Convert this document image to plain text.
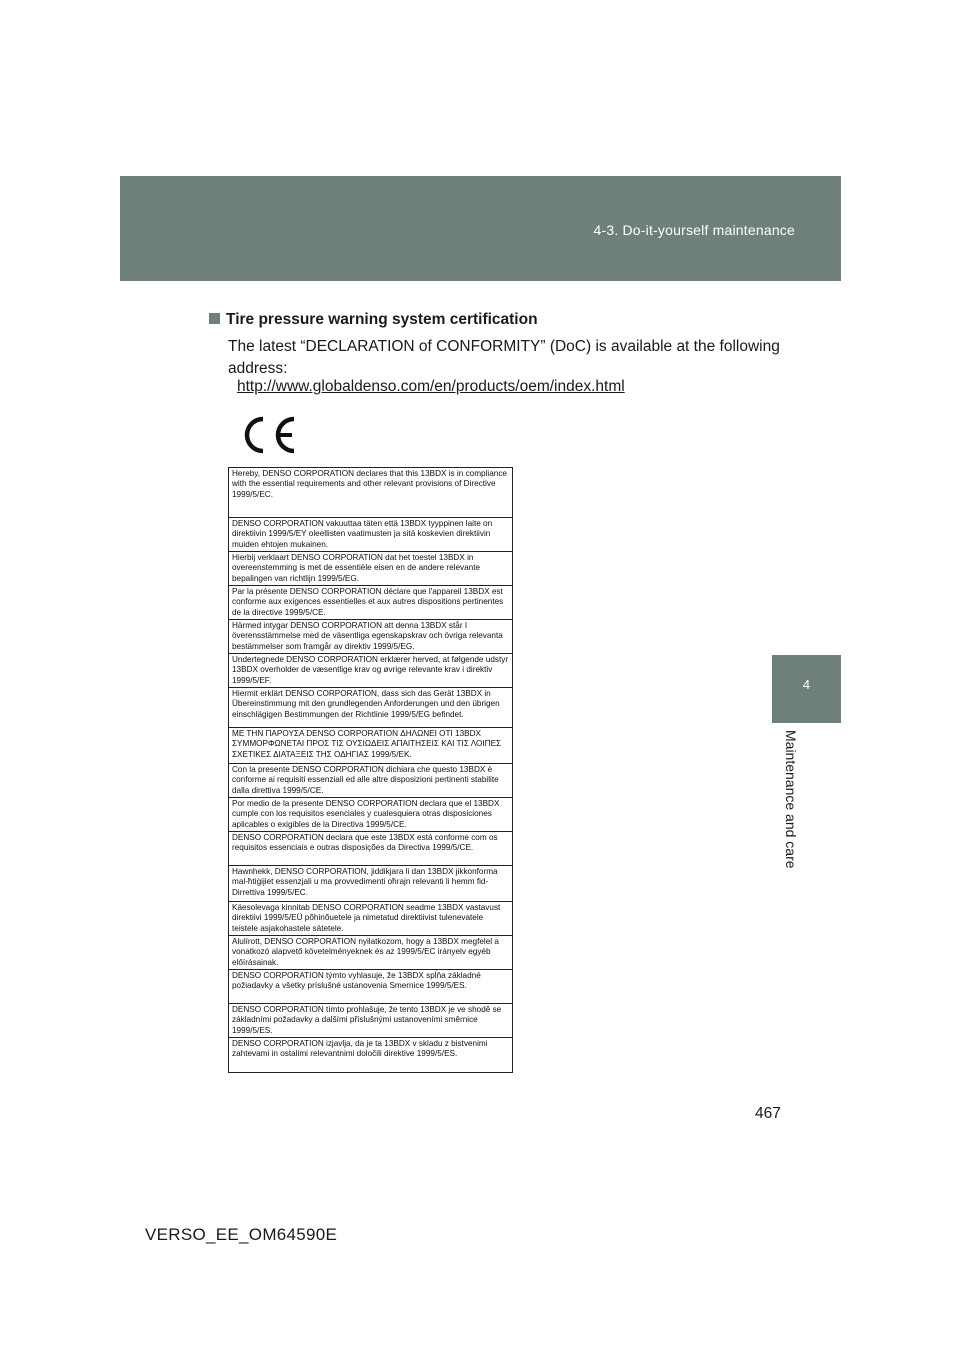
4-3. Do-it-yourself maintenance
4
Maintenance and care
Tire pressure warning system certification
The latest “DECLARATION of CONFORMITY” (DoC) is available at the following address:
http://www.globaldenso.com/en/products/oem/index.html
Hereby, DENSO CORPORATION declares that this 13BDX is in compliance with the essential requirements and other relevant provisions of Directive 1999/5/EC.
DENSO CORPORATION vakuuttaa täten että 13BDX tyyppinen laite on direktiivin 1999/5/EY oleellisten vaatimusten ja sitä koskevien direktiivin muiden ehtojen mukainen.
Hierbij verklaart DENSO CORPORATION dat het toestel 13BDX in overeenstemming is met de essentiële eisen en de andere relevante bepalingen van richtlijn 1999/5/EG.
Par la présente DENSO CORPORATION déclare que l'appareil 13BDX est conforme aux exigences essentielles et aux autres dispositions pertinentes de la directive 1999/5/CE.
Härmed intygar DENSO CORPORATION att denna 13BDX står I överensstämmelse med de väsentliga egenskapskrav och övriga relevanta bestämmelser som framgår av direktiv 1999/5/EG.
Undertegnede DENSO CORPORATION erklærer herved, at følgende udstyr 13BDX overholder de væsentlige krav og øvrige relevante krav i direktiv 1999/5/EF.
Hiermit erklärt DENSO CORPORATION, dass sich das Gerät 13BDX in Übereinstimmung mit den grundlegenden Anforderungen und den übrigen einschlägigen Bestimmungen der Richtlinie 1999/5/EG befindet.
ΜΕ ΤΗΝ ΠΑΡΟΥΣΑ DENSO CORPORATION ΔΗΛΩΝΕΙ ΟΤΙ 13BDX ΣΥΜΜΟΡΦΩΝΕΤΑΙ ΠΡΟΣ ΤΙΣ ΟΥΣΙΩΔΕΙΣ ΑΠΑΙΤΗΣΕΙΣ ΚΑΙ ΤΙΣ ΛΟΙΠΕΣ ΣΧΕΤΙΚΕΣ ΔΙΑΤΑΞΕΙΣ ΤΗΣ ΟΔΗΓΙΑΣ 1999/5/ΕΚ.
Con la presente DENSO CORPORATION dichiara che questo 13BDX è conforme ai requisiti essenziali ed alle altre disposizioni pertinenti stabilite dalla direttiva 1999/5/CE.
Por medio de la presente DENSO CORPORATION declara que el 13BDX cumple con los requisitos esenciales y cualesquiera otras disposiciones aplicables o exigibles de la Directiva 1999/5/CE.
DENSO CORPORATION declara que este 13BDX está conforme com os requisitos essenciais e outras disposições da Directiva 1999/5/CE.
Hawnhekk, DENSO CORPORATION, jiddikjara li dan 13BDX jikkonforma mal-ħtiġijiet essenzjali u ma provvedimenti oħrajn relevanti li hemm fid-Dirrettiva 1999/5/EC.
Käesolevaga kinnitab DENSO CORPORATION seadme 13BDX vastavust direktiivi 1999/5/EÜ põhinõuetele ja nimetatud direktiivist tulenevatele teistele asjakohastele sätetele.
Alulírott, DENSO CORPORATION nyilatkozom, hogy a 13BDX megfelel a vonatkozó alapvető követelményeknek és az 1999/5/EC irányelv egyéb előírásainak.
DENSO CORPORATION týmto vyhlasuje, že 13BDX spĺňa základné požiadavky a všetky príslušné ustanovenia Smernice 1999/5/ES.
DENSO CORPORATION tímto prohlašuje, že tento 13BDX je ve shodě se základními požadavky a dalšími příslušnými ustanoveními směrnice 1999/5/ES.
DENSO CORPORATION izjavlja, da je ta 13BDX v skladu z bistvenimi zahtevami in ostalimi relevantnimi določili direktive 1999/5/ES.
467
VERSO_EE_OM64590E
